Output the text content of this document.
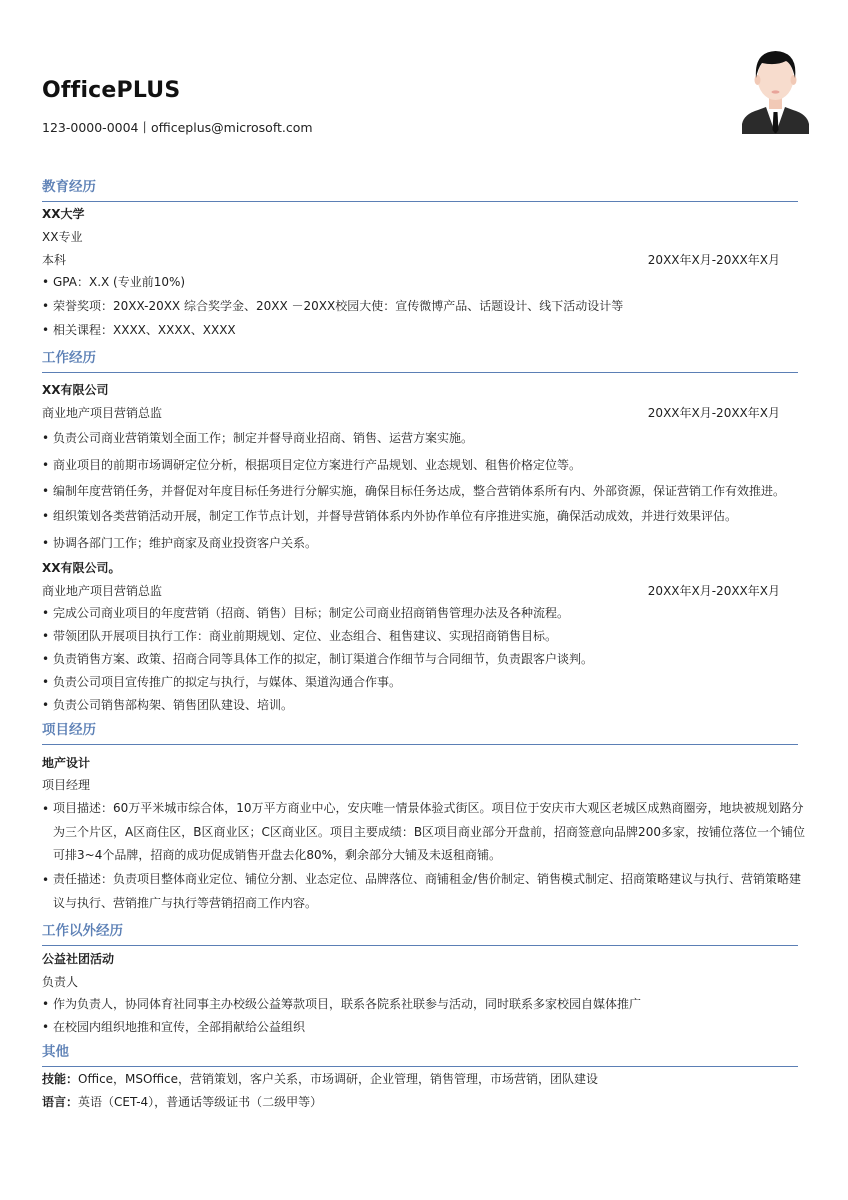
OfficePLUS
123-0000-0004丨officeplus@microsoft.com
教育经历
XX大学
XX专业
本科	20XX年X月-20XX年X月
• GPA：X.X (专业前10%)
• 荣誉奖项：20XX-20XX 综合奖学金、20XX －20XX校园大使：宣传微博产品、话题设计、线下活动设计等
• 相关课程：XXXX、XXXX、XXXX
工作经历
XX有限公司
商业地产项目营销总监	20XX年X月-20XX年X月
• 负责公司商业营销策划全面工作；制定并督导商业招商、销售、运营方案实施。
• 商业项目的前期市场调研定位分析，根据项目定位方案进行产品规划、业态规划、租售价格定位等。
• 编制年度营销任务，并督促对年度目标任务进行分解实施，确保目标任务达成，整合营销体系所有内、外部资源，保证营销工作有效推进。
• 组织策划各类营销活动开展，制定工作节点计划，并督导营销体系内外协作单位有序推进实施，确保活动成效，并进行效果评估。
• 协调各部门工作；维护商家及商业投资客户关系。
XX有限公司。
商业地产项目营销总监	20XX年X月-20XX年X月
• 完成公司商业项目的年度营销（招商、销售）目标；制定公司商业招商销售管理办法及各种流程。
• 带领团队开展项目执行工作：商业前期规划、定位、业态组合、租售建议、实现招商销售目标。
• 负责销售方案、政策、招商合同等具体工作的拟定，制订渠道合作细节与合同细节，负责跟客户谈判。
• 负责公司项目宣传推广的拟定与执行，与媒体、渠道沟通合作事。
• 负责公司销售部构架、销售团队建设、培训。
项目经历
地产设计
项目经理
• 项目描述：60万平米城市综合体，10万平方商业中心，安庆唯一情景体验式街区。项目位于安庆市大观区老城区成熟商圈旁，地块被规划路分为三个片区，A区商住区，B区商业区；C区商业区。项目主要成绩：B区项目商业部分开盘前，招商签意向品牌200多家，按铺位落位一个铺位可排3~4个品牌，招商的成功促成销售开盘去化80%，剩余部分大铺及未返租商铺。
• 责任描述：负责项目整体商业定位、铺位分割、业态定位、品牌落位、商铺租金/售价制定、销售模式制定、招商策略建议与执行、营销策略建议与执行、营销推广与执行等营销招商工作内容。
工作以外经历
公益社团活动
负责人
• 作为负责人，协同体育社同事主办校级公益筹款项目，联系各院系社联参与活动，同时联系多家校园自媒体推广
• 在校园内组织地推和宣传，全部捐献给公益组织
其他
技能：Office，MSOffice，营销策划，客户关系，市场调研，企业管理，销售管理，市场营销，团队建设
语言：英语（CET-4），普通话等级证书（二级甲等）
